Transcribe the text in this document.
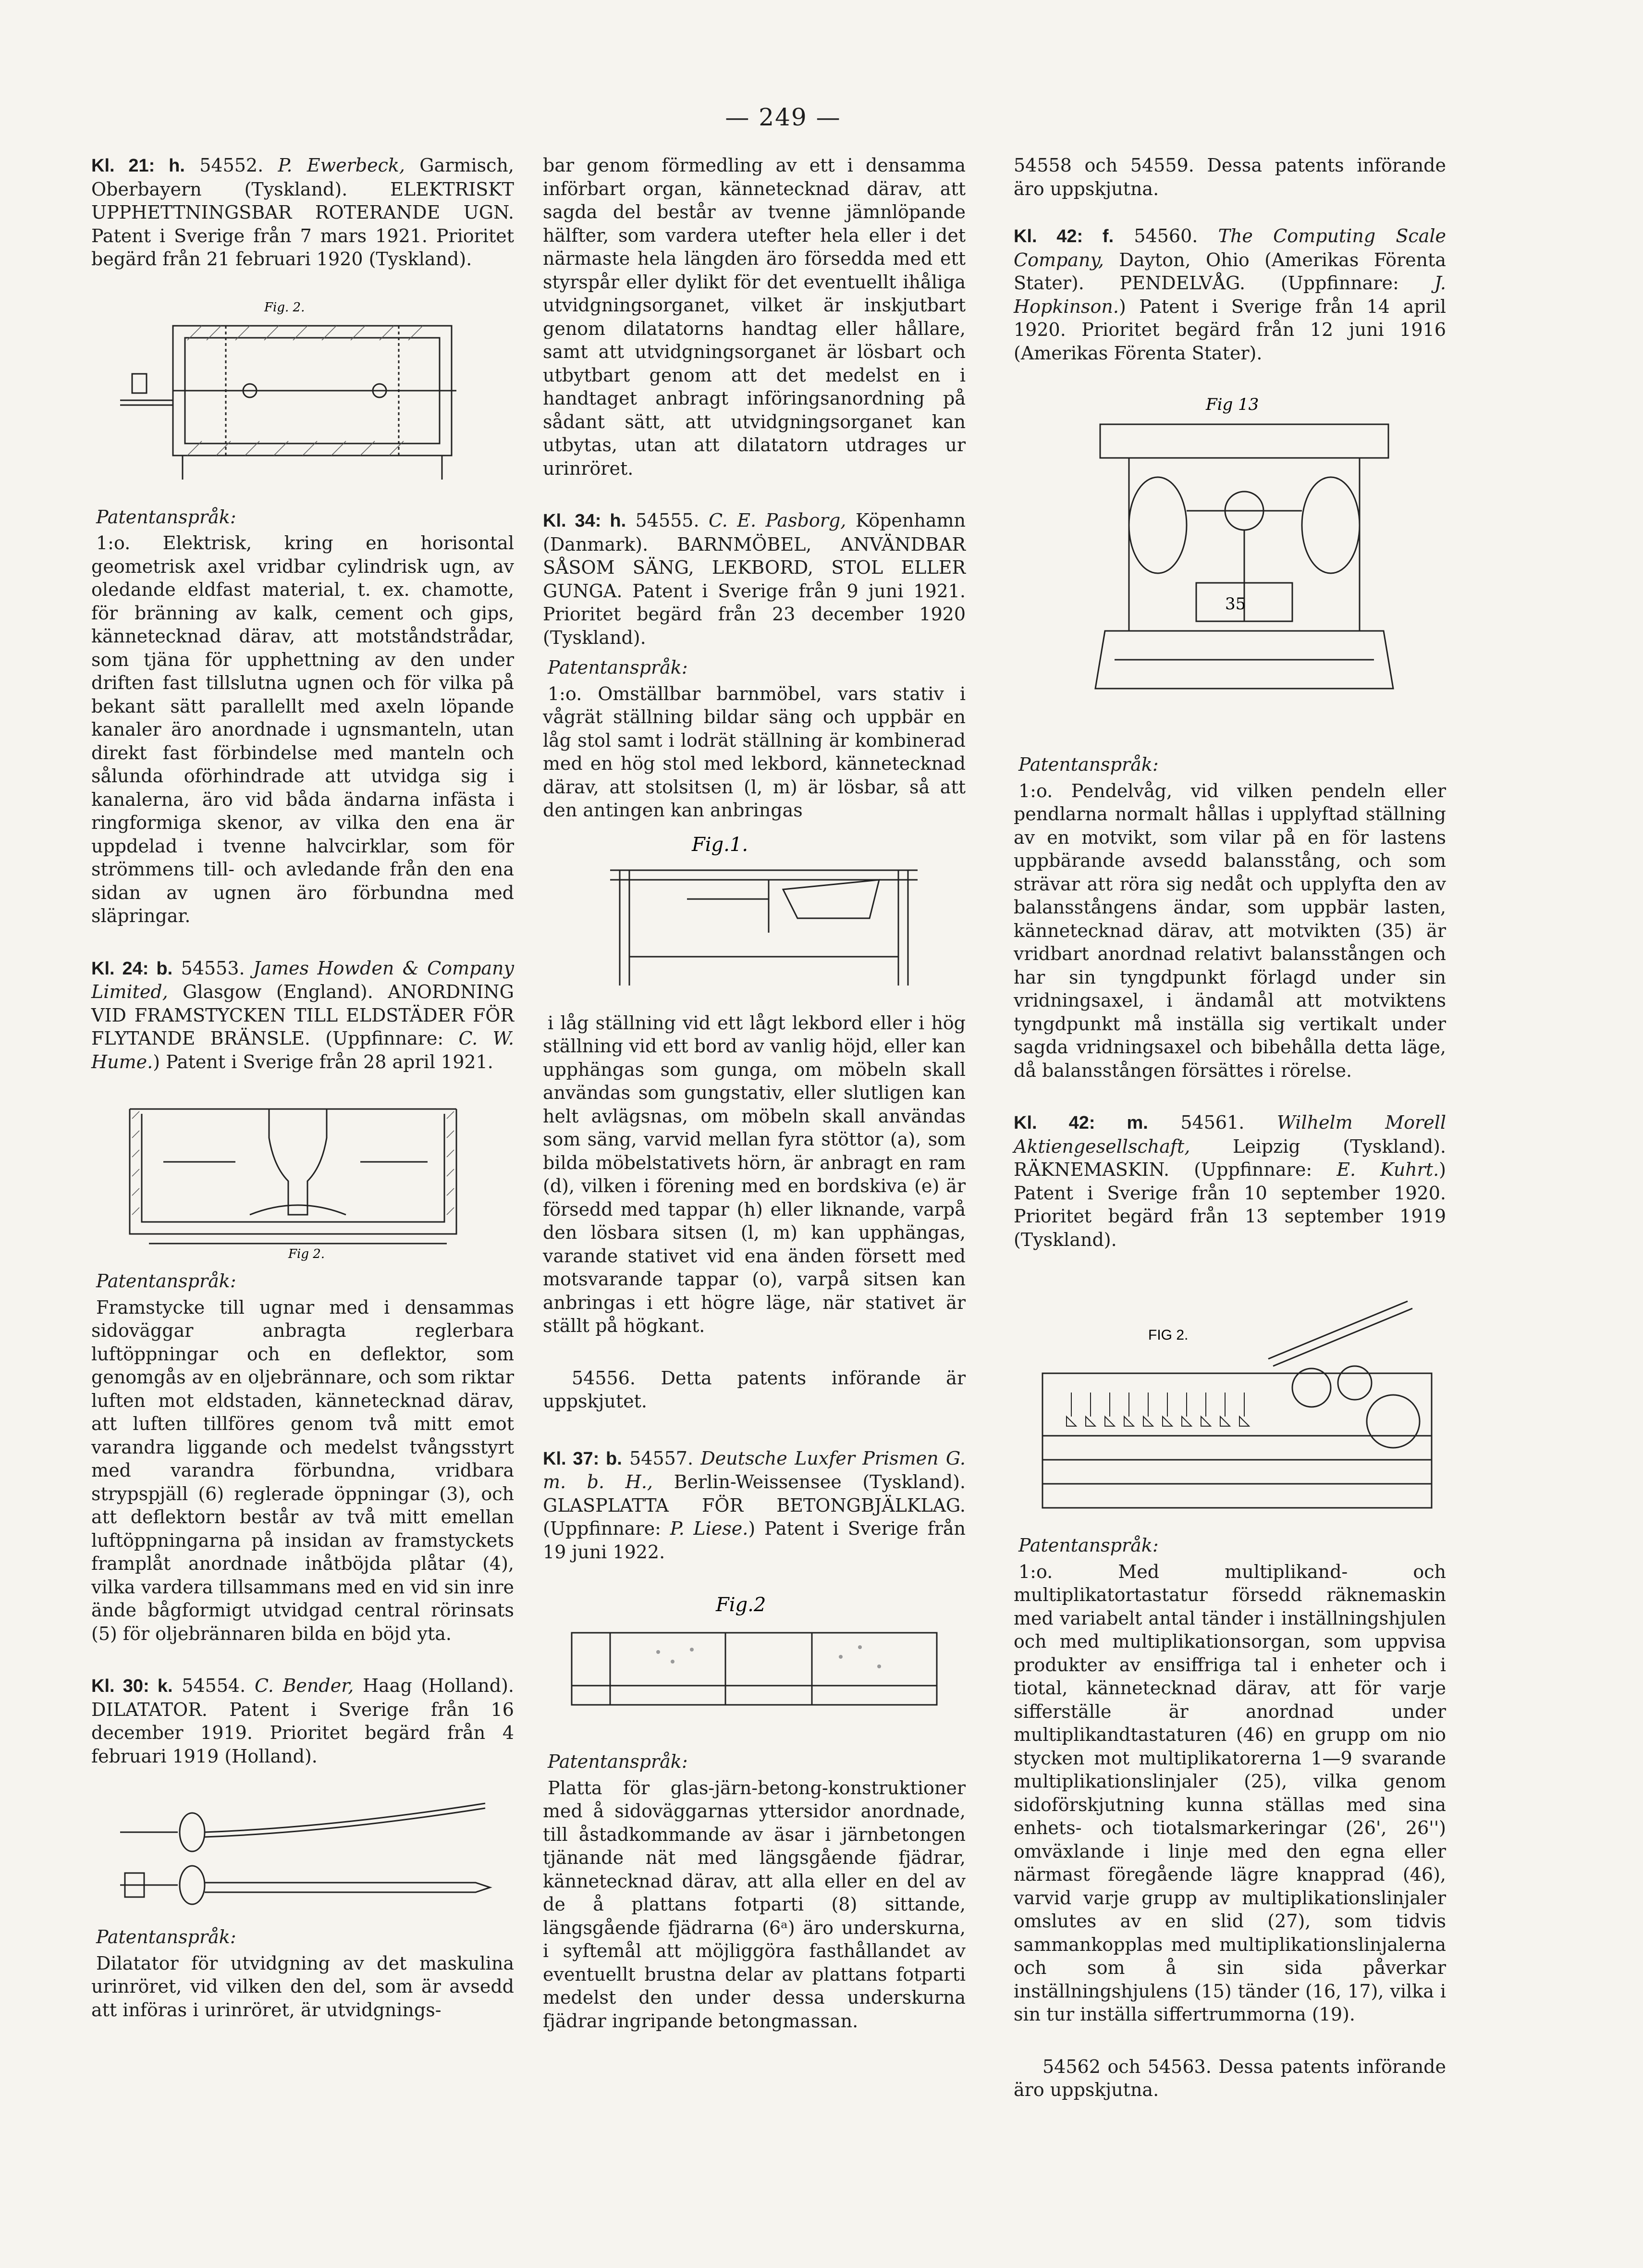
— 249 —

Kl. 21: h. 54552. P. Ewerbeck, Garmisch, Oberbayern (Tyskland). ELEKTRISKT UPPHETTNINGSBAR ROTERANDE UGN. Patent i Sverige från 7 mars 1921. Prioritet begärd från 21 februari 1920 (Tyskland).

Fig. 2.

Patentanspråk:

1:o. Elektrisk, kring en horisontal geometrisk axel vridbar cylindrisk ugn, av oledande eldfast material, t. ex. chamotte, för bränning av kalk, cement och gips, kännetecknad därav, att motståndstrådar, som tjäna för upphettning av den under driften fast tillslutna ugnen och för vilka på bekant sätt parallellt med axeln löpande kanaler äro anordnade i ugnsmanteln, utan direkt fast förbindelse med manteln och sålunda oförhindrade att utvidga sig i kanalerna, äro vid båda ändarna infästa i ringformiga skenor, av vilka den ena är uppdelad i tvenne halvcirklar, som för strömmens till- och avledande från den ena sidan av ugnen äro förbundna med släpringar.

Kl. 24: b. 54553. James Howden & Company Limited, Glasgow (England). ANORDNING VID FRAMSTYCKEN TILL ELDSTÄDER FÖR FLYTANDE BRÄNSLE. (Uppfinnare: C. W. Hume.) Patent i Sverige från 28 april 1921.

Fig 2.

Patentanspråk:

Framstycke till ugnar med i densammas sidoväggar anbragta reglerbara luftöppningar och en deflektor, som genomgås av en oljebrännare, och som riktar luften mot eldstaden, kännetecknad därav, att luften tillföres genom två mitt emot varandra liggande och medelst tvångsstyrt med varandra förbundna, vridbara strypspjäll (6) reglerade öppningar (3), och att deflektorn består av två mitt emellan luftöppningarna på insidan av framstyckets framplåt anordnade inåtböjda plåtar (4), vilka vardera tillsammans med en vid sin inre ände bågformigt utvidgad central rörinsats (5) för oljebrännaren bilda en böjd yta.

Kl. 30: k. 54554. C. Bender, Haag (Holland). DILATATOR. Patent i Sverige från 16 december 1919. Prioritet begärd från 4 februari 1919 (Holland).

Patentanspråk:

Dilatator för utvidgning av det maskulina urinröret, vid vilken den del, som är avsedd att införas i urinröret, är utvidgnings-

bar genom förmedling av ett i densamma införbart organ, kännetecknad därav, att sagda del består av tvenne jämnlöpande hälfter, som vardera utefter hela eller i det närmaste hela längden äro försedda med ett styrspår eller dylikt för det eventuellt ihåliga utvidgningsorganet, vilket är inskjutbart genom dilatatorns handtag eller hållare, samt att utvidgningsorganet är lösbart och utbytbart genom att det medelst en i handtaget anbragt införingsanordning på sådant sätt, att utvidgningsorganet kan utbytas, utan att dilatatorn utdrages ur urinröret.

Kl. 34: h. 54555. C. E. Pasborg, Köpenhamn (Danmark). BARNMÖBEL, ANVÄNDBAR SÅSOM SÄNG, LEKBORD, STOL ELLER GUNGA. Patent i Sverige från 9 juni 1921. Prioritet begärd från 23 december 1920 (Tyskland).

Patentanspråk:

1:o. Omställbar barnmöbel, vars stativ i vågrät ställning bildar säng och uppbär en låg stol samt i lodrät ställning är kombinerad med en hög stol med lekbord, kännetecknad därav, att stolsitsen (l, m) är lösbar, så att den antingen kan anbringas

Fig.1.

i låg ställning vid ett lågt lekbord eller i hög ställning vid ett bord av vanlig höjd, eller kan upphängas som gunga, om möbeln skall användas som gungstativ, eller slutligen kan helt avlägsnas, om möbeln skall användas som säng, varvid mellan fyra stöttor (a), som bilda möbelstativets hörn, är anbragt en ram (d), vilken i förening med en bordskiva (e) är försedd med tappar (h) eller liknande, varpå den lösbara sitsen (l, m) kan upphängas, varande stativet vid ena änden försett med motsvarande tappar (o), varpå sitsen kan anbringas i ett högre läge, när stativet är ställt på högkant.

54556. Detta patents införande är uppskjutet.

Kl. 37: b. 54557. Deutsche Luxfer Prismen G. m. b. H., Berlin-Weissensee (Tyskland). GLASPLATTA FÖR BETONGBJÄLKLAG. (Uppfinnare: P. Liese.) Patent i Sverige från 19 juni 1922.

Fig.2

Patentanspråk:

Platta för glas-järn-betong-konstruktioner med å sidoväggarnas yttersidor anordnade, till åstadkommande av äsar i järnbetongen tjänande nät med längsgående fjädrar, kännetecknad därav, att alla eller en del av de å plattans fotparti (8) sittande, längsgående fjädrarna (6ᵃ) äro underskurna, i syftemål att möjliggöra fasthållandet av eventuellt brustna delar av plattans fotparti medelst den under dessa underskurna fjädrar ingripande betongmassan.

54558 och 54559. Dessa patents införande äro uppskjutna.

Kl. 42: f. 54560. The Computing Scale Company, Dayton, Ohio (Amerikas Förenta Stater). PENDELVÅG. (Uppfinnare: J. Hopkinson.) Patent i Sverige från 14 april 1920. Prioritet begärd från 12 juni 1916 (Amerikas Förenta Stater).

Fig 13
35

Patentanspråk:

1:o. Pendelvåg, vid vilken pendeln eller pendlarna normalt hållas i upplyftad ställning av en motvikt, som vilar på en för lastens uppbärande avsedd balansstång, och som strävar att röra sig nedåt och upplyfta den av balansstångens ändar, som uppbär lasten, kännetecknad därav, att motvikten (35) är vridbart anordnad relativt balansstången och har sin tyngdpunkt förlagd under sin vridningsaxel, i ändamål att motviktens tyngdpunkt må inställa sig vertikalt under sagda vridningsaxel och bibehålla detta läge, då balansstången försättes i rörelse.

Kl. 42: m. 54561. Wilhelm Morell Aktiengesellschaft, Leipzig (Tyskland). RÄKNEMASKIN. (Uppfinnare: E. Kuhrt.) Patent i Sverige från 10 september 1920. Prioritet begärd från 13 september 1919 (Tyskland).

FIG 2.

Patentanspråk:

1:o. Med multiplikand- och multiplikatortastatur försedd räknemaskin med variabelt antal tänder i inställningshjulen och med multiplikationsorgan, som uppvisa produkter av ensiffriga tal i enheter och i tiotal, kännetecknad därav, att för varje sifferställe är anordnad under multiplikandtastaturen (46) en grupp om nio stycken mot multiplikatorerna 1—9 svarande multiplikationslinjaler (25), vilka genom sidoförskjutning kunna ställas med sina enhets- och tiotalsmarkeringar (26', 26'') omväxlande i linje med den egna eller närmast föregående lägre knapprad (46), varvid varje grupp av multiplikationslinjaler omslutes av en slid (27), som tidvis sammankopplas med multiplikationslinjalerna och som å sin sida påverkar inställningshjulens (15) tänder (16, 17), vilka i sin tur inställa siffertrummorna (19).

54562 och 54563. Dessa patents införande äro uppskjutna.
